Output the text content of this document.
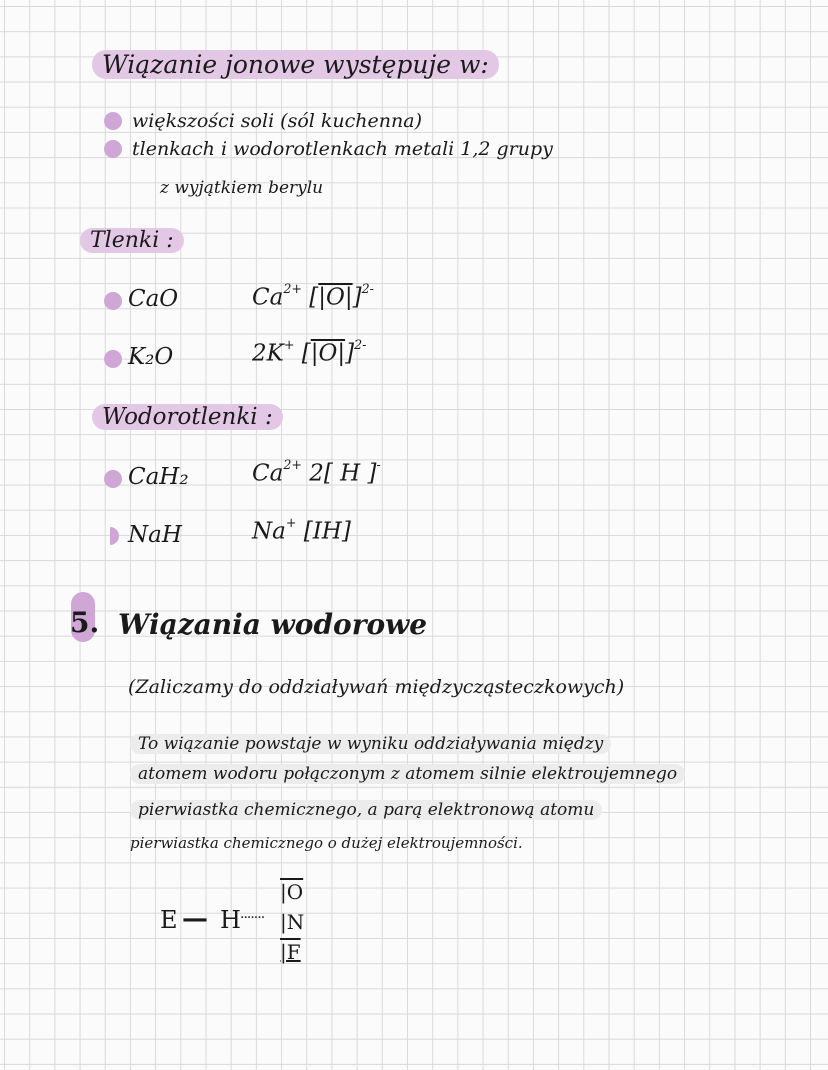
Wiązanie jonowe występuje w:
większości soli (sól kuchenna)
tlenkach i wodorotlenkach metali 1,2 grupy
z wyjątkiem berylu
Tlenki :
CaO	$Ca^{2+}$ $[|O|]^{2-}$
K₂O	2K+ $[|O|]^{2-}$
Wodorotlenki :
CaH₂	$Ca^{2+}$ 2[ H ]-
NaH	Na+ [IH]
5. Wiązania wodorowe
(Zaliczamy do oddziaływań międzycząsteczkowych)
To wiązanie powstaje w wyniku oddziaływania między
atomem wodoru połączonym z atomem silnie elektroujemnego
pierwiastka chemicznego, a parą elektronową atomu
pierwiastka chemicznego o dużej elektroujemności.
E — H ·······
|O
|N
|F
